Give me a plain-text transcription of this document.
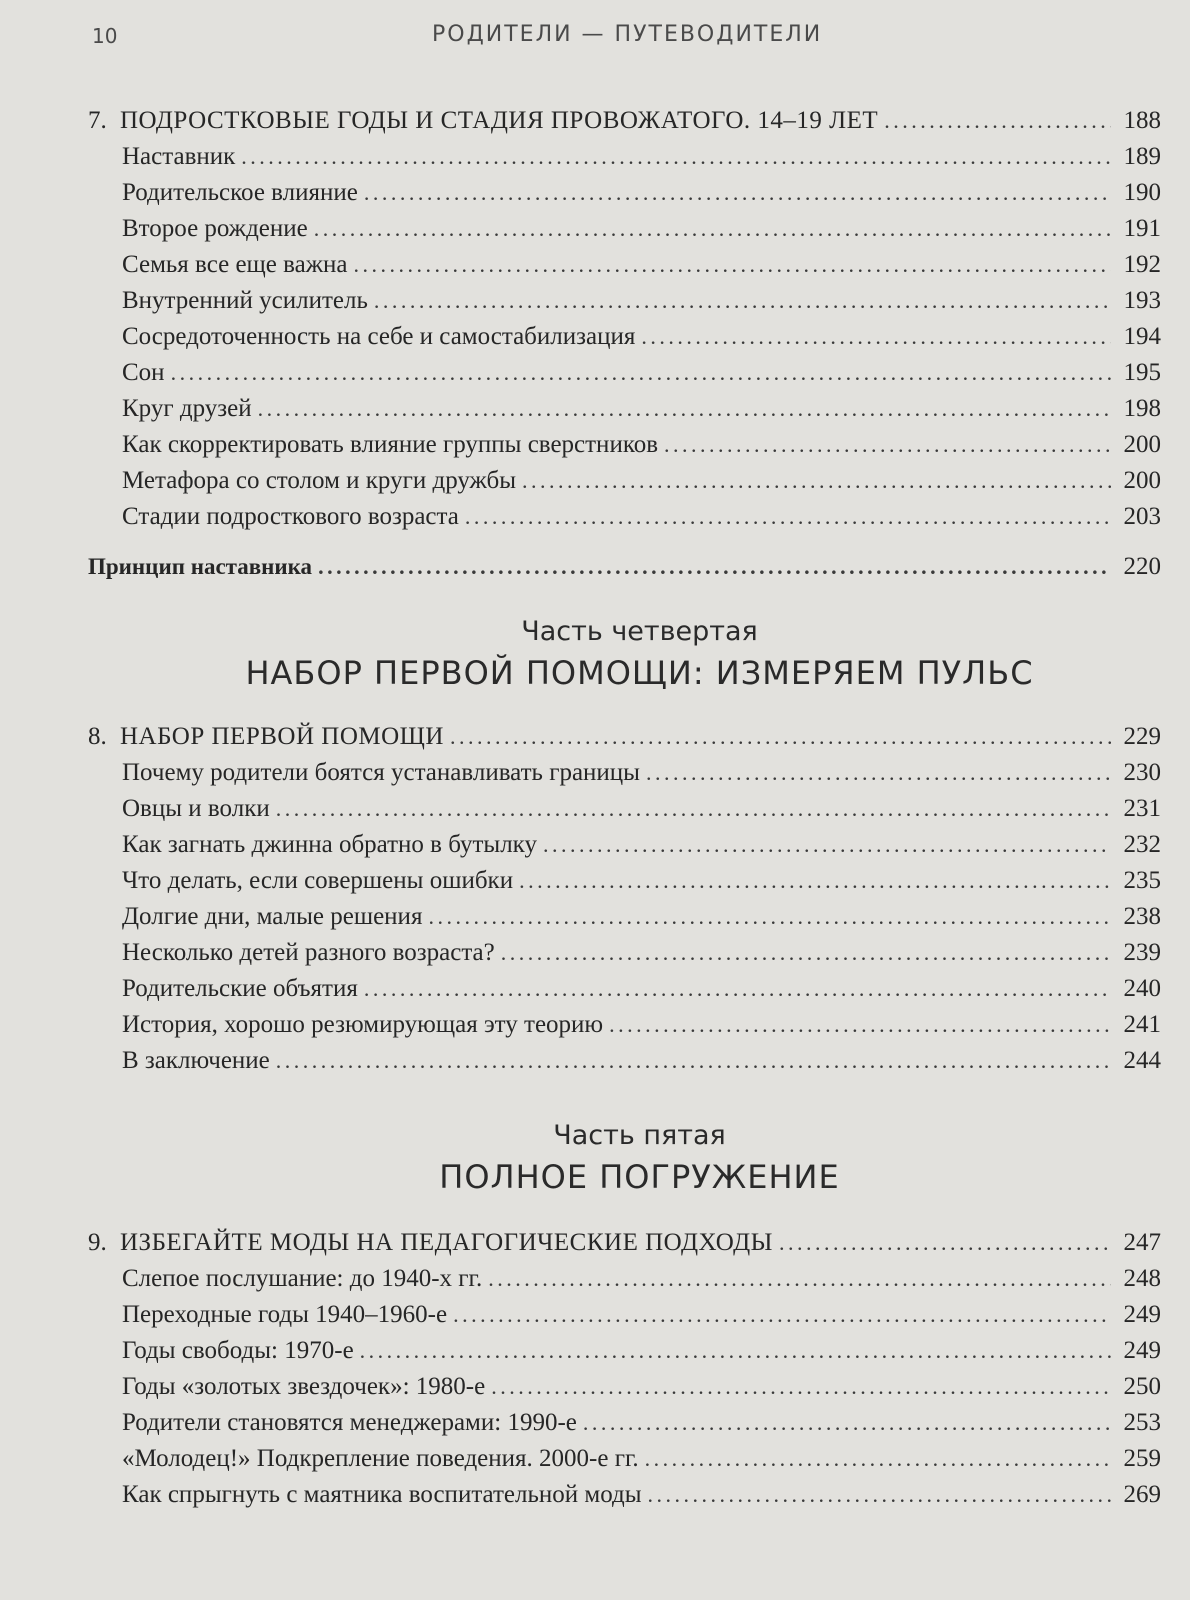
10	РОДИТЕЛИ — ПУТЕВОДИТЕЛИ
7. ПОДРОСТКОВЫЕ ГОДЫ И СТАДИЯ ПРОВОЖАТОГО. 14–19 ЛЕТ . . .	188
Наставник . . .	189
Родительское влияние . . .	190
Второе рождение . . .	191
Семья все еще важна . . .	192
Внутренний усилитель . . .	193
Сосредоточенность на себе и самостабилизация . . .	194
Сон . . .	195
Круг друзей . . .	198
Как скорректировать влияние группы сверстников . . .	200
Метафора со столом и круги дружбы . . .	200
Стадии подросткового возраста . . .	203
Принцип наставника . . .	220
Часть четвертая
НАБОР ПЕРВОЙ ПОМОЩИ: ИЗМЕРЯЕМ ПУЛЬС
8. НАБОР ПЕРВОЙ ПОМОЩИ . . .	229
Почему родители боятся устанавливать границы . . .	230
Овцы и волки . . .	231
Как загнать джинна обратно в бутылку . . .	232
Что делать, если совершены ошибки . . .	235
Долгие дни, малые решения . . .	238
Несколько детей разного возраста? . . .	239
Родительские объятия . . .	240
История, хорошо резюмирующая эту теорию . . .	241
В заключение . . .	244
Часть пятая
ПОЛНОЕ ПОГРУЖЕНИЕ
9. ИЗБЕГАЙТЕ МОДЫ НА ПЕДАГОГИЧЕСКИЕ ПОДХОДЫ . . .	247
Слепое послушание: до 1940-х гг. . . .	248
Переходные годы 1940–1960-е . . .	249
Годы свободы: 1970-е . . .	249
Годы «золотых звездочек»: 1980-е . . .	250
Родители становятся менеджерами: 1990-е . . .	253
«Молодец!» Подкрепление поведения. 2000-е гг. . . .	259
Как спрыгнуть с маятника воспитательной моды . . .	269
